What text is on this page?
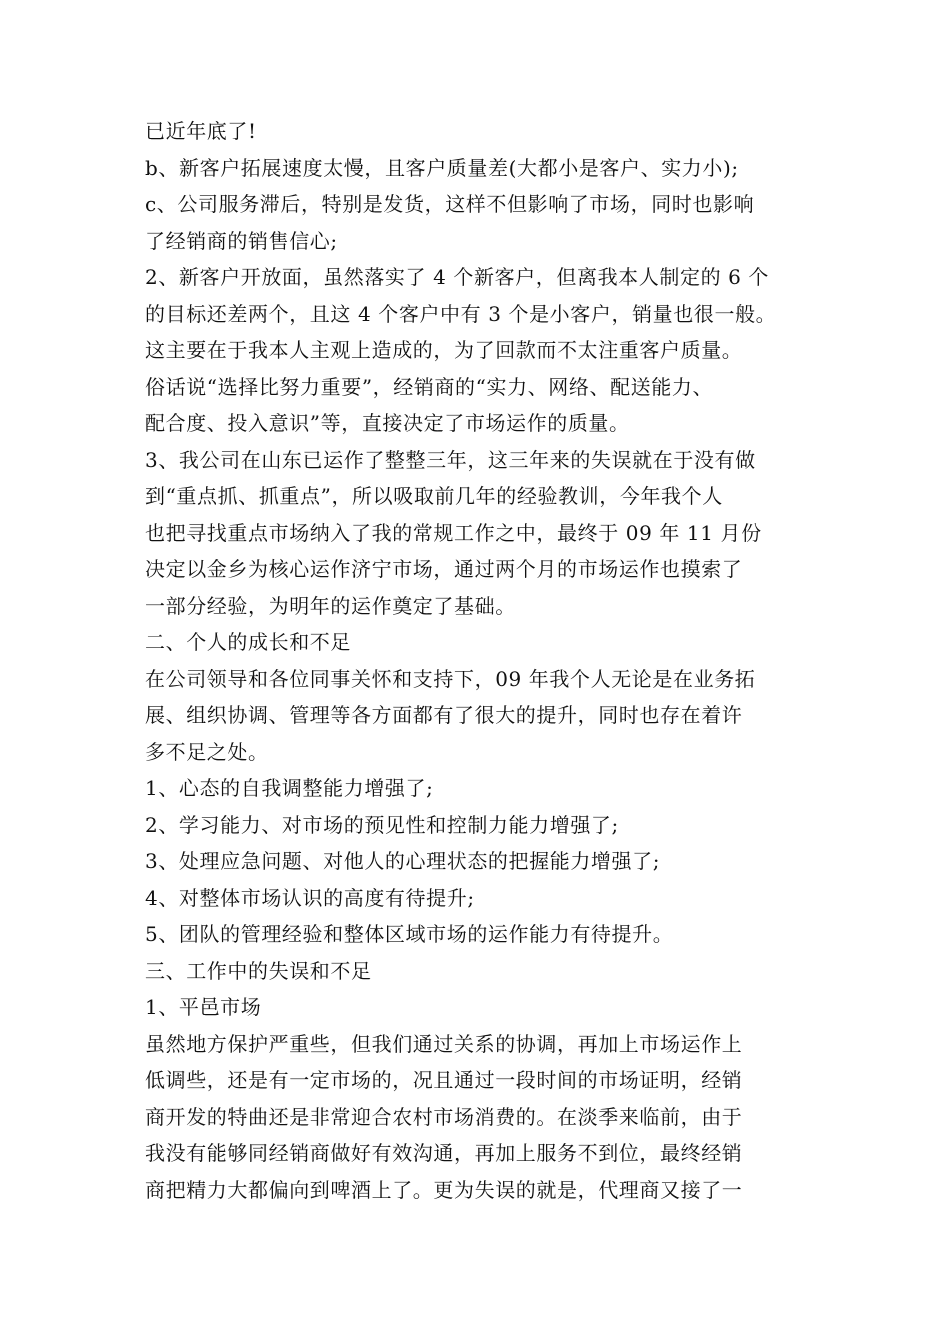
已近年底了!
b、新客户拓展速度太慢，且客户质量差(大都小是客户、实力小);
c、公司服务滞后，特别是发货，这样不但影响了市场，同时也影响
了经销商的销售信心;
2、新客户开放面，虽然落实了 4 个新客户，但离我本人制定的 6 个
的目标还差两个，且这 4 个客户中有 3 个是小客户，销量也很一般。
这主要在于我本人主观上造成的，为了回款而不太注重客户质量。
俗话说“选择比努力重要”，经销商的“实力、网络、配送能力、
配合度、投入意识”等，直接决定了市场运作的质量。
3、我公司在山东已运作了整整三年，这三年来的失误就在于没有做
到“重点抓、抓重点”，所以吸取前几年的经验教训，今年我个人
也把寻找重点市场纳入了我的常规工作之中，最终于 09 年 11 月份
决定以金乡为核心运作济宁市场，通过两个月的市场运作也摸索了
一部分经验，为明年的运作奠定了基础。
二、个人的成长和不足
在公司领导和各位同事关怀和支持下，09 年我个人无论是在业务拓
展、组织协调、管理等各方面都有了很大的提升，同时也存在着许
多不足之处。
1、心态的自我调整能力增强了;
2、学习能力、对市场的预见性和控制力能力增强了;
3、处理应急问题、对他人的心理状态的把握能力增强了;
4、对整体市场认识的高度有待提升;
5、团队的管理经验和整体区域市场的运作能力有待提升。
三、工作中的失误和不足
1、平邑市场
虽然地方保护严重些，但我们通过关系的协调，再加上市场运作上
低调些，还是有一定市场的，况且通过一段时间的市场证明，经销
商开发的特曲还是非常迎合农村市场消费的。在淡季来临前，由于
我没有能够同经销商做好有效沟通，再加上服务不到位，最终经销
商把精力大都偏向到啤酒上了。更为失误的就是，代理商又接了一
